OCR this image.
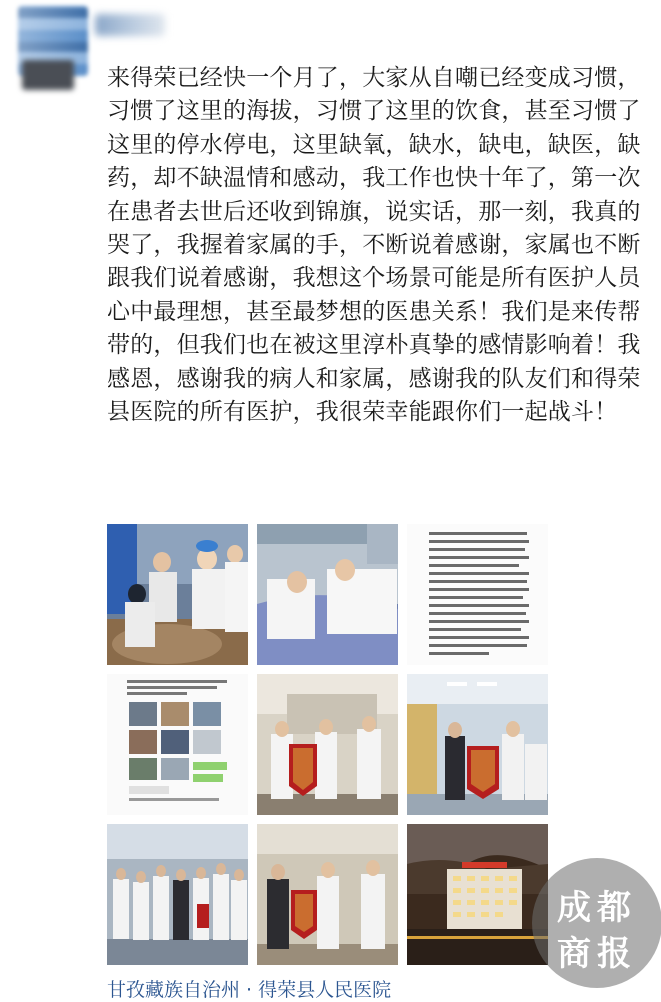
来得荣已经快一个月了，大家从自嘲已经变成习惯，习惯了这里的海拔，习惯了这里的饮食，甚至习惯了这里的停水停电，这里缺氧，缺水，缺电，缺医，缺药，却不缺温情和感动，我工作也快十年了，第一次在患者去世后还收到锦旗，说实话，那一刻，我真的哭了，我握着家属的手，不断说着感谢，家属也不断跟我们说着感谢，我想这个场景可能是所有医护人员心中最理想，甚至最梦想的医患关系！我们是来传帮带的，但我们也在被这里淳朴真挚的感情影响着！我感恩，感谢我的病人和家属，感谢我的队友们和得荣县医院的所有医护，我很荣幸能跟你们一起战斗！
甘孜藏族自治州 · 得荣县人民医院
成都
商报
